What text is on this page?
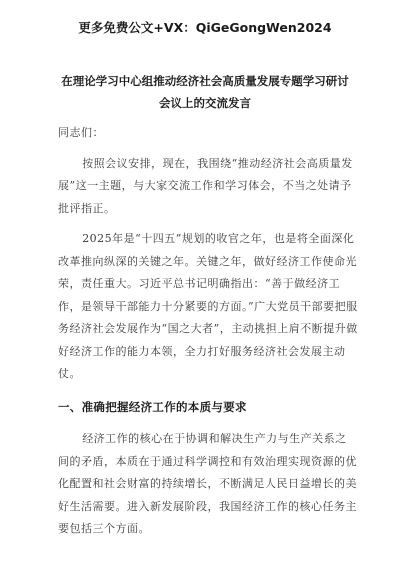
更多免费公文+VX：QiGeGongWen2024
在理论学习中心组推动经济社会高质量发展专题学习研讨
会议上的交流发言

同志们：

按照会议安排，现在，我围绕“推动经济社会高质量发展”这一主题，与大家交流工作和学习体会，不当之处请予批评指正。

2025年是“十四五”规划的收官之年，也是将全面深化改革推向纵深的关键之年。关键之年，做好经济工作使命光荣，责任重大。习近平总书记明确指出：“善于做经济工作，是领导干部能力十分紧要的方面。”广大党员干部要把服务经济社会发展作为“国之大者”，主动挑担上肩不断提升做好经济工作的能力本领，全力打好服务经济社会发展主动仗。

一、准确把握经济工作的本质与要求

经济工作的核心在于协调和解决生产力与生产关系之间的矛盾，本质在于通过科学调控和有效治理实现资源的优化配置和社会财富的持续增长，不断满足人民日益增长的美好生活需要。进入新发展阶段，我国经济工作的核心任务主要包括三个方面。
